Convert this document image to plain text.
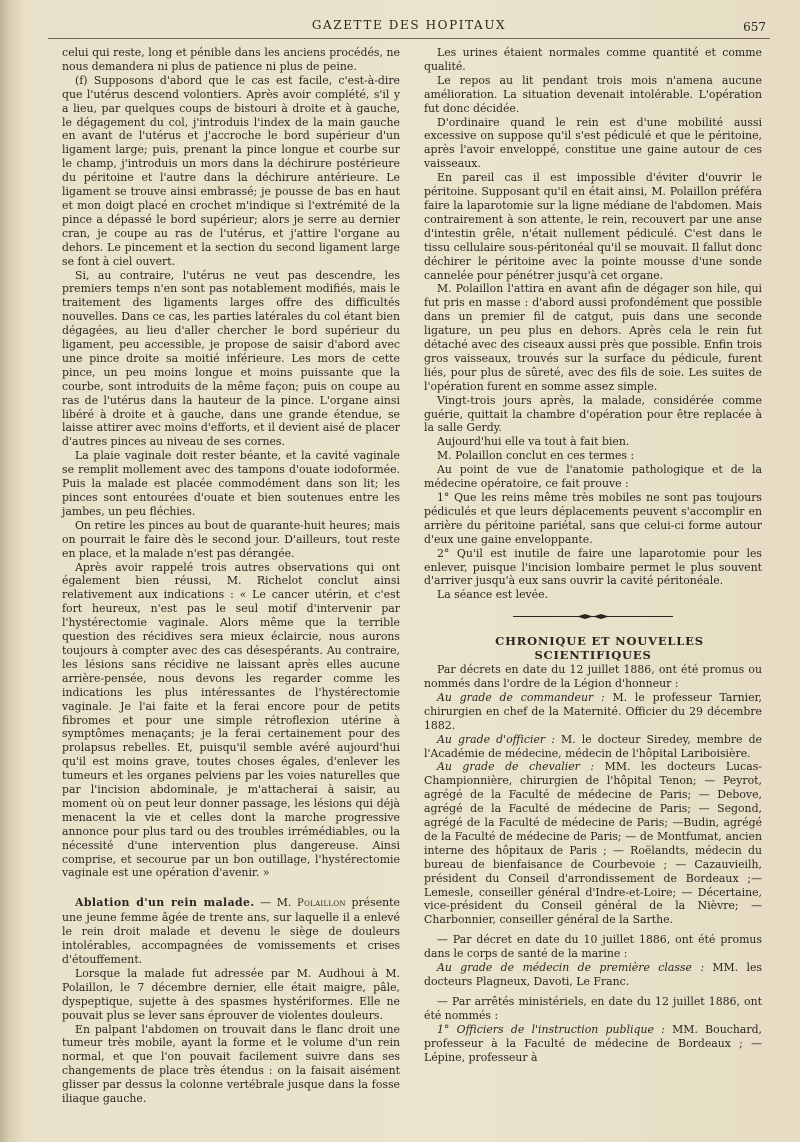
GAZETTE DES HOPITAUX	657

celui qui reste, long et pénible dans les anciens procédés, ne nous demandera ni plus de patience ni plus de peine.

(f) Supposons d'abord que le cas est facile, c'est-à-dire que l'utérus descend volontiers. Après avoir complété, s'il y a lieu, par quelques coups de bistouri à droite et à gauche, le dégagement du col, j'introduis l'index de la main gauche en avant de l'utérus et j'accroche le bord supérieur d'un ligament large; puis, prenant la pince longue et courbe sur le champ, j'introduis un mors dans la déchirure postérieure du péritoine et l'autre dans la déchirure antérieure. Le ligament se trouve ainsi embrassé; je pousse de bas en haut et mon doigt placé en crochet m'indique si l'extrémité de la pince a dépassé le bord supérieur; alors je serre au dernier cran, je coupe au ras de l'utérus, et j'attire l'organe au dehors. Le pincement et la section du second ligament large se font à ciel ouvert.

Si, au contraire, l'utérus ne veut pas descendre, les premiers temps n'en sont pas notablement modifiés, mais le traitement des ligaments larges offre des difficultés nouvelles. Dans ce cas, les parties latérales du col étant bien dégagées, au lieu d'aller chercher le bord supérieur du ligament, peu accessible, je propose de saisir d'abord avec une pince droite sa moitié inférieure. Les mors de cette pince, un peu moins longue et moins puissante que la courbe, sont introduits de la même façon; puis on coupe au ras de l'utérus dans la hauteur de la pince. L'organe ainsi libéré à droite et à gauche, dans une grande étendue, se laisse attirer avec moins d'efforts, et il devient aisé de placer d'autres pinces au niveau de ses cornes.

La plaie vaginale doit rester béante, et la cavité vaginale se remplit mollement avec des tampons d'ouate iodoformée. Puis la malade est placée commodément dans son lit; les pinces sont entourées d'ouate et bien soutenues entre les jambes, un peu fléchies.

On retire les pinces au bout de quarante-huit heures; mais on pourrait le faire dès le second jour. D'ailleurs, tout reste en place, et la malade n'est pas dérangée.

Après avoir rappelé trois autres observations qui ont également bien réussi, M. Richelot conclut ainsi relativement aux indications : « Le cancer utérin, et c'est fort heureux, n'est pas le seul motif d'intervenir par l'hystérectomie vaginale. Alors même que la terrible question des récidives sera mieux éclaircie, nous aurons toujours à compter avec des cas désespérants. Au contraire, les lésions sans récidive ne laissant après elles aucune arrière-pensée, nous devons les regarder comme les indications les plus intéressantes de l'hystérectomie vaginale. Je l'ai faite et la ferai encore pour de petits fibromes et pour une simple rétroflexion utérine à symptômes menaçants; je la ferai certainement pour des prolapsus rebelles. Et, puisqu'il semble avéré aujourd'hui qu'il est moins grave, toutes choses égales, d'enlever les tumeurs et les organes pelviens par les voies naturelles que par l'incision abdominale, je m'attacherai à saisir, au moment où on peut leur donner passage, les lésions qui déjà menacent la vie et celles dont la marche progressive annonce pour plus tard ou des troubles irrémédiables, ou la nécessité d'une intervention plus dangereuse. Ainsi comprise, et secourue par un bon outillage, l'hystérectomie vaginale est une opération d'avenir. »

Ablation d'un rein malade. — M. Polaillon présente une jeune femme âgée de trente ans, sur laquelle il a enlevé le rein droit malade et devenu le siège de douleurs intolérables, accompagnées de vomissements et crises d'étouffement.

Lorsque la malade fut adressée par M. Audhoui à M. Polaillon, le 7 décembre dernier, elle était maigre, pâle, dyspeptique, sujette à des spasmes hystériformes. Elle ne pouvait plus se lever sans éprouver de violentes douleurs.

En palpant l'abdomen on trouvait dans le flanc droit une tumeur très mobile, ayant la forme et le volume d'un rein normal, et que l'on pouvait facilement suivre dans ses changements de place très étendus : on la faisait aisément glisser par dessus la colonne vertébrale jusque dans la fosse iliaque gauche.

Les urines étaient normales comme quantité et comme qualité.

Le repos au lit pendant trois mois n'amena aucune amélioration. La situation devenait intolérable. L'opération fut donc décidée.

D'ordinaire quand le rein est d'une mobilité aussi excessive on suppose qu'il s'est pédiculé et que le péritoine, après l'avoir enveloppé, constitue une gaine autour de ces vaisseaux.

En pareil cas il est impossible d'éviter d'ouvrir le péritoine. Supposant qu'il en était ainsi, M. Polaillon préféra faire la laparotomie sur la ligne médiane de l'abdomen. Mais contrairement à son attente, le rein, recouvert par une anse d'intestin grêle, n'était nullement pédiculé. C'est dans le tissu cellulaire sous-péritonéal qu'il se mouvait. Il fallut donc déchirer le péritoine avec la pointe mousse d'une sonde cannelée pour pénétrer jusqu'à cet organe.

M. Polaillon l'attira en avant afin de dégager son hile, qui fut pris en masse : d'abord aussi profondément que possible dans un premier fil de catgut, puis dans une seconde ligature, un peu plus en dehors. Après cela le rein fut détaché avec des ciseaux aussi près que possible. Enfin trois gros vaisseaux, trouvés sur la surface du pédicule, furent liés, pour plus de sûreté, avec des fils de soie. Les suites de l'opération furent en somme assez simple.

Vingt-trois jours après, la malade, considérée comme guérie, quittait la chambre d'opération pour être replacée à la salle Gerdy.

Aujourd'hui elle va tout à fait bien.

M. Polaillon conclut en ces termes :

Au point de vue de l'anatomie pathologique et de la médecine opératoire, ce fait prouve :

1° Que les reins même très mobiles ne sont pas toujours pédiculés et que leurs déplacements peuvent s'accomplir en arrière du péritoine pariétal, sans que celui-ci forme autour d'eux une gaine enveloppante.

2° Qu'il est inutile de faire une laparotomie pour les enlever, puisque l'incision lombaire permet le plus souvent d'arriver jusqu'à eux sans ouvrir la cavité péritonéale.

La séance est levée.

CHRONIQUE ET NOUVELLES SCIENTIFIQUES

Par décrets en date du 12 juillet 1886, ont été promus ou nommés dans l'ordre de la Légion d'honneur :

Au grade de commandeur : M. le professeur Tarnier, chirurgien en chef de la Maternité. Officier du 29 décembre 1882.

Au grade d'officier : M. le docteur Siredey, membre de l'Académie de médecine, médecin de l'hôpital Lariboisière.

Au grade de chevalier : MM. les docteurs Lucas-Championnière, chirurgien de l'hôpital Tenon; — Peyrot, agrégé de la Faculté de médecine de Paris; — Debove, agrégé de la Faculté de médecine de Paris; — Segond, agrégé de la Faculté de médecine de Paris; —Budin, agrégé de la Faculté de médecine de Paris; — de Montfumat, ancien interne des hôpitaux de Paris ; — Roëlandts, médecin du bureau de bienfaisance de Courbevoie ; — Cazauvieilh, président du Conseil d'arrondissement de Bordeaux ;— Lemesle, conseiller général d'Indre-et-Loire; — Décertaine, vice-président du Conseil général de la Nièvre; — Charbonnier, conseiller général de la Sarthe.

— Par décret en date du 10 juillet 1886, ont été promus dans le corps de santé de la marine :

Au grade de médecin de première classe : MM. les docteurs Plagneux, Davoti, Le Franc.

— Par arrêtés ministériels, en date du 12 juillet 1886, ont été nommés :

1° Officiers de l'instruction publique : MM. Bouchard, professeur à la Faculté de médecine de Bordeaux ; — Lépine, professeur à
